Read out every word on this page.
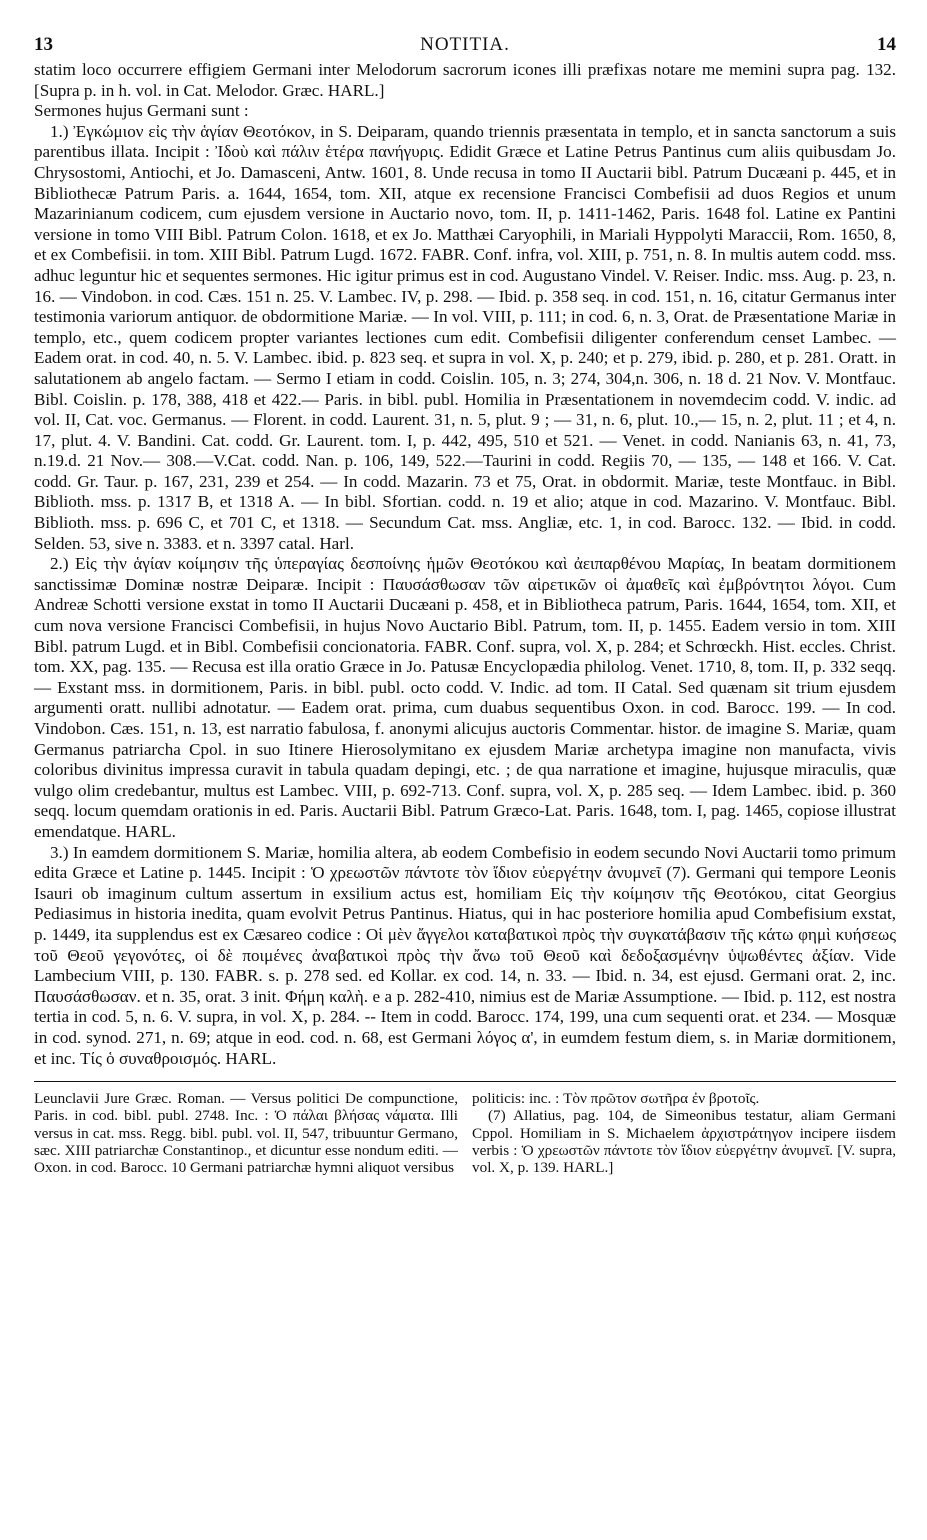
13	NOTITIA.	14

statim loco occurrere effigiem Germani inter Melodorum sacrorum icones illi præfixas notare me memini supra pag. 132. [Supra p. in h. vol. in Cat. Melodor. Græc. HARL.]

Sermones hujus Germani sunt :

1.) Ἐγκώμιον εἰς τὴν ἁγίαν Θεοτόκον, in S. Deiparam, quando triennis præsentata in templo, et in sancta sanctorum a suis parentibus illata. Incipit : Ἰδοὺ καὶ πάλιν ἑτέρα πανήγυρις. Edidit Græce et Latine Petrus Pantinus cum aliis quibusdam Jo. Chrysostomi, Antiochi, et Jo. Damasceni, Antw. 1601, 8. Unde recusa in tomo II Auctarii bibl. Patrum Ducæani p. 445, et in Bibliothecæ Patrum Paris. a. 1644, 1654, tom. XII, atque ex recensione Francisci Combefisii ad duos Regios et unum Mazarinianum codicem, cum ejusdem versione in Auctario novo, tom. II, p. 1411-1462, Paris. 1648 fol. Latine ex Pantini versione in tomo VIII Bibl. Patrum Colon. 1618, et ex Jo. Matthæi Caryophili, in Mariali Hyppolyti Maraccii, Rom. 1650, 8, et ex Combefisii. in tom. XIII Bibl. Patrum Lugd. 1672. FABR. Conf. infra, vol. XIII, p. 751, n. 8. In multis autem codd. mss. adhuc leguntur hic et sequentes sermones. Hic igitur primus est in cod. Augustano Vindel. V. Reiser. Indic. mss. Aug. p. 23, n. 16. — Vindobon. in cod. Cæs. 151 n. 25. V. Lambec. IV, p. 298. — Ibid. p. 358 seq. in cod. 151, n. 16, citatur Germanus inter testimonia variorum antiquor. de obdormitione Mariæ. — In vol. VIII, p. 111; in cod. 6, n. 3, Orat. de Præsentatione Mariæ in templo, etc., quem codicem propter variantes lectiones cum edit. Combefisii diligenter conferendum censet Lambec. — Eadem orat. in cod. 40, n. 5. V. Lambec. ibid. p. 823 seq. et supra in vol. X, p. 240; et p. 279, ibid. p. 280, et p. 281. Oratt. in salutationem ab angelo factam. — Sermo I etiam in codd. Coislin. 105, n. 3; 274, 304,n. 306, n. 18 d. 21 Nov. V. Montfauc. Bibl. Coislin. p. 178, 388, 418 et 422.— Paris. in bibl. publ. Homilia in Præsentationem in novemdecim codd. V. indic. ad vol. II, Cat. voc. Germanus. — Florent. in codd. Laurent. 31, n. 5, plut. 9 ; — 31, n. 6, plut. 10.,— 15, n. 2, plut. 11 ; et 4, n. 17, plut. 4. V. Bandini. Cat. codd. Gr. Laurent. tom. I, p. 442, 495, 510 et 521. — Venet. in codd. Nanianis 63, n. 41, 73, n.19.d. 21 Nov.— 308.—V.Cat. codd. Nan. p. 106, 149, 522.—Taurini in codd. Regiis 70, — 135, — 148 et 166. V. Cat. codd. Gr. Taur. p. 167, 231, 239 et 254. — In codd. Mazarin. 73 et 75, Orat. in obdormit. Mariæ, teste Montfauc. in Bibl. Biblioth. mss. p. 1317 B, et 1318 A. — In bibl. Sfortian. codd. n. 19 et alio; atque in cod. Mazarino. V. Montfauc. Bibl. Biblioth. mss. p. 696 C, et 701 C, et 1318. — Secundum Cat. mss. Angliæ, etc. 1, in cod. Barocc. 132. — Ibid. in codd. Selden. 53, sive n. 3383. et n. 3397 catal. Harl.

2.) Εἰς τὴν ἁγίαν κοίμησιν τῆς ὑπεραγίας δεσποίνης ἡμῶν Θεοτόκου καὶ ἀειπαρθένου Μαρίας, In beatam dormitionem sanctissimæ Dominæ nostræ Deiparæ. Incipit : Παυσάσθωσαν τῶν αἱρετικῶν οἱ ἀμαθεῖς καὶ ἐμβρόντητοι λόγοι. Cum Andreæ Schotti versione exstat in tomo II Auctarii Ducæani p. 458, et in Bibliotheca patrum, Paris. 1644, 1654, tom. XII, et cum nova versione Francisci Combefisii, in hujus Novo Auctario Bibl. Patrum, tom. II, p. 1455. Eadem versio in tom. XIII Bibl. patrum Lugd. et in Bibl. Combefisii concionatoria. FABR. Conf. supra, vol. X, p. 284; et Schrœckh. Hist. eccles. Christ. tom. XX, pag. 135. — Recusa est illa oratio Græce in Jo. Patusæ Encyclopædia philolog. Venet. 1710, 8, tom. II, p. 332 seqq. — Exstant mss. in dormitionem, Paris. in bibl. publ. octo codd. V. Indic. ad tom. II Catal. Sed quænam sit trium ejusdem argumenti oratt. nullibi adnotatur. — Eadem orat. prima, cum duabus sequentibus Oxon. in cod. Barocc. 199. — In cod. Vindobon. Cæs. 151, n. 13, est narratio fabulosa, f. anonymi alicujus auctoris Commentar. histor. de imagine S. Mariæ, quam Germanus patriarcha Cpol. in suo Itinere Hierosolymitano ex ejusdem Mariæ archetypa imagine non manufacta, vivis coloribus divinitus impressa curavit in tabula quadam depingi, etc. ; de qua narratione et imagine, hujusque miraculis, quæ vulgo olim credebantur, multus est Lambec. VIII, p. 692-713. Conf. supra, vol. X, p. 285 seq. — Idem Lambec. ibid. p. 360 seqq. locum quemdam orationis in ed. Paris. Auctarii Bibl. Patrum Græco-Lat. Paris. 1648, tom. I, pag. 1465, copiose illustrat emendatque. HARL.

3.) In eamdem dormitionem S. Mariæ, homilia altera, ab eodem Combefisio in eodem secundo Novi Auctarii tomo primum edita Græce et Latine p. 1445. Incipit : Ὁ χρεωστῶν πάντοτε τὸν ἴδιον εὐεργέτην ἀνυμνεῖ (7). Germani qui tempore Leonis Isauri ob imaginum cultum assertum in exsilium actus est, homiliam Εἰς τὴν κοίμησιν τῆς Θεοτόκου, citat Georgius Pediasimus in historia inedita, quam evolvit Petrus Pantinus. Hiatus, qui in hac posteriore homilia apud Combefisium exstat, p. 1449, ita supplendus est ex Cæsareo codice : Οἱ μὲν ἄγγελοι καταβατικοὶ πρὸς τὴν συγκατάβασιν τῆς κάτω φημὶ κυήσεως τοῦ Θεοῦ γεγονότες, οἱ δὲ ποιμένες ἀναβατικοὶ πρὸς τὴν ἄνω τοῦ Θεοῦ καὶ δεδοξασμένην ὑψωθέντες ἀξίαν. Vide Lambecium VIII, p. 130. FABR. s. p. 278 sed. ed Kollar. ex cod. 14, n. 33. — Ibid. n. 34, est ejusd. Germani orat. 2, inc. Παυσάσθωσαν. et n. 35, orat. 3 init. Φήμη καλὴ. e a p. 282-410, nimius est de Mariæ Assumptione. — Ibid. p. 112, est nostra tertia in cod. 5, n. 6. V. supra, in vol. X, p. 284. -- Item in codd. Barocc. 174, 199, una cum sequenti orat. et 234. — Mosquæ in cod. synod. 271, n. 69; atque in eod. cod. n. 68, est Germani λόγος α', in eumdem festum diem, s. in Mariæ dormitionem, et inc. Τίς ὁ συναθροισμός. HARL.

Leunclavii Jure Græc. Roman. — Versus politici De compunctione, Paris. in cod. bibl. publ. 2748. Inc. : Ὁ πάλαι βλήσας νάματα. Illi versus in cat. mss. Regg. bibl. publ. vol. II, 547, tribuuntur Germano, sæc. XIII patriarchæ Constantinop., et dicuntur esse nondum editi. — Oxon. in cod. Barocc. 10 Germani patriarchæ hymni aliquot versibus

politicis: inc. : Τὸν πρῶτον σωτῆρα ἐν βροτοῖς.

(7) Allatius, pag. 104, de Simeonibus testatur, aliam Germani Cppol. Homiliam in S. Michaelem ἀρχιστράτηγον incipere iisdem verbis : Ὁ χρεωστῶν πάντοτε τὸν ἴδιον εὐεργέτην ἀνυμνεῖ. [V. supra, vol. X, p. 139. HARL.]
